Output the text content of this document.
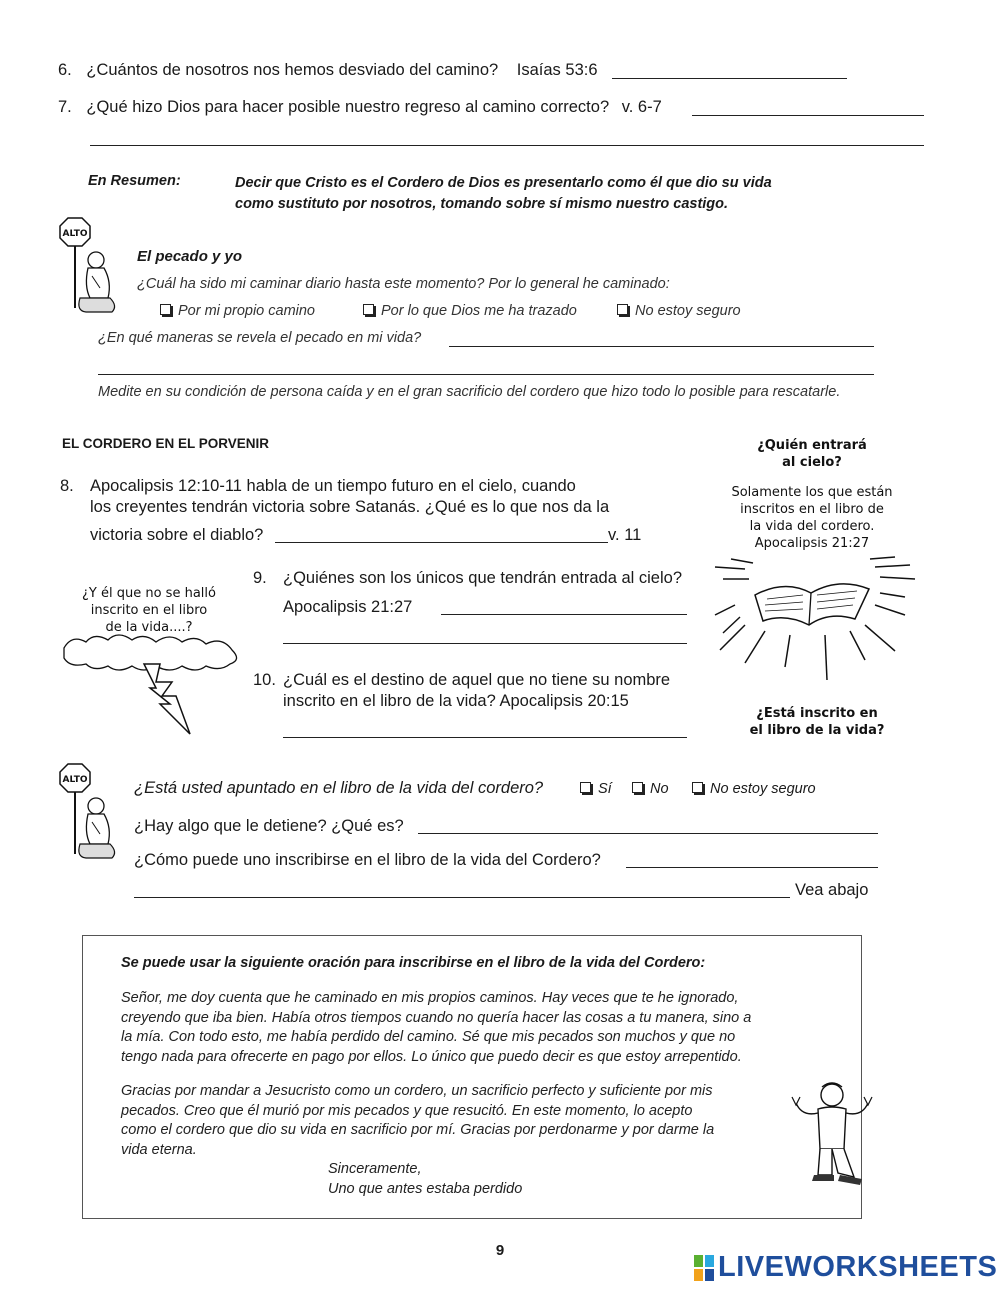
6. ¿Cuántos de nosotros nos hemos desviado del camino? Isaías 53:6
7. ¿Qué hizo Dios para hacer posible nuestro regreso al camino correcto? v. 6-7
En Resumen:	Decir que Cristo es el Cordero de Dios es presentarlo como él que dio su vida
como sustituto por nosotros, tomando sobre sí mismo nuestro castigo.
ALTO
El pecado y yo
¿Cuál ha sido mi caminar diario hasta este momento? Por lo general he caminado:
Por mi propio camino	Por lo que Dios me ha trazado	No estoy seguro
¿En qué maneras se revela el pecado en mi vida?
Medite en su condición de persona caída y en el gran sacrificio del cordero que hizo todo lo posible para rescatarle.
EL CORDERO EN EL PORVENIR
8. Apocalipsis 12:10-11 habla de un tiempo futuro en el cielo, cuando
los creyentes tendrán victoria sobre Satanás. ¿Qué es lo que nos da la
victoria sobre el diablo?	v. 11
¿Y él que no se halló
inscrito en el libro
de la vida....?
9. ¿Quiénes son los únicos que tendrán entrada al cielo?
Apocalipsis 21:27
10. ¿Cuál es el destino de aquel que no tiene su nombre
inscrito en el libro de la vida? Apocalipsis 20:15
¿Quién entrará
al cielo?
Solamente los que están
inscritos en el libro de
la vida del cordero.
Apocalipsis 21:27
¿Está inscrito en
el libro de la vida?
ALTO	¿Está usted apuntado en el libro de la vida del cordero?	Sí	No	No estoy seguro
¿Hay algo que le detiene? ¿Qué es?
¿Cómo puede uno inscribirse en el libro de la vida del Cordero?
Vea abajo
Se puede usar la siguiente oración para inscribirse en el libro de la vida del Cordero:
Señor, me doy cuenta que he caminado en mis propios caminos. Hay veces que te he ignorado,
creyendo que iba bien. Había otros tiempos cuando no quería hacer las cosas a tu manera, sino a
la mía. Con todo esto, me había perdido del camino. Sé que mis pecados son muchos y que no
tengo nada para ofrecerte en pago por ellos. Lo único que puedo decir es que estoy arrepentido.
Gracias por mandar a Jesucristo como un cordero, un sacrificio perfecto y suficiente por mis
pecados. Creo que él murió por mis pecados y que resucitó. En este momento, lo acepto
como el cordero que dio su vida en sacrificio por mí. Gracias por perdonarme y por darme la
vida eterna.
Sinceramente,
Uno que antes estaba perdido
9
LIVEWORKSHEETS
